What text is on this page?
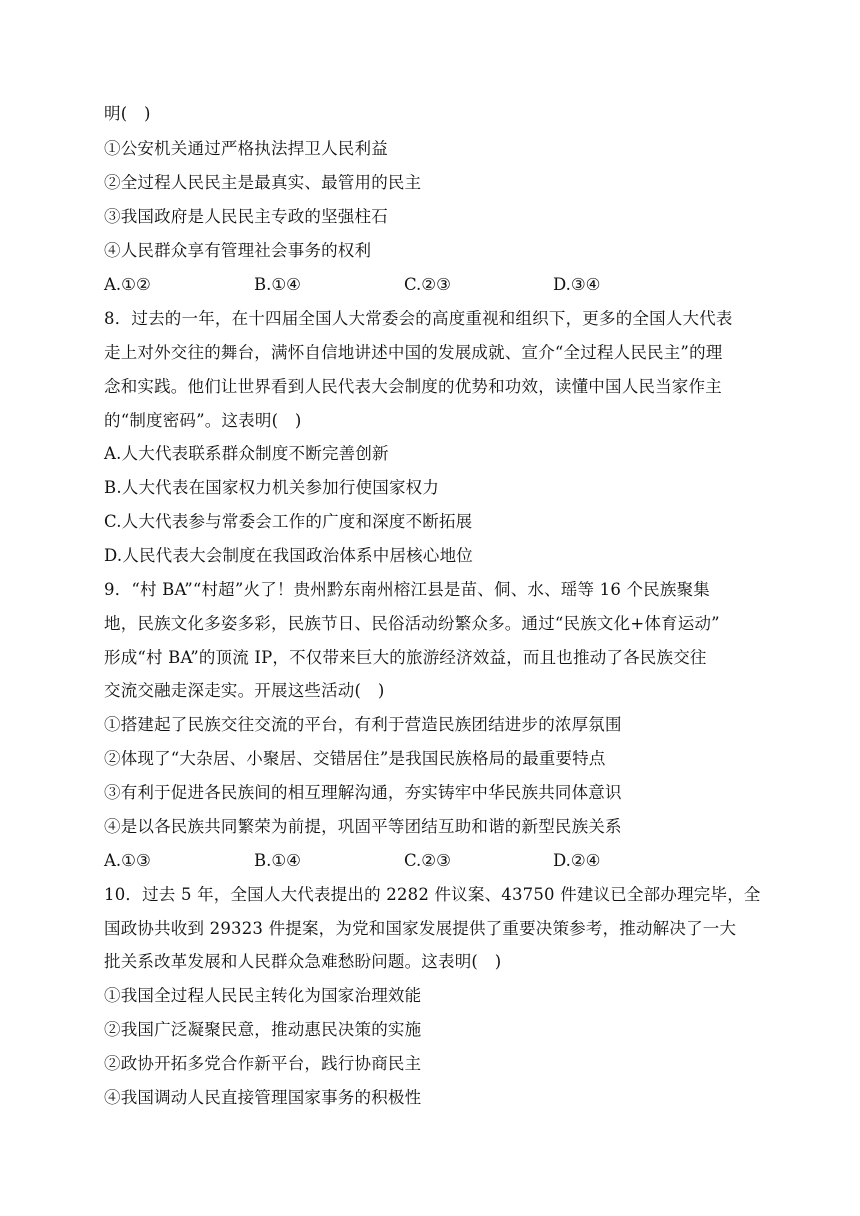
明(　)
①公安机关通过严格执法捍卫人民利益
②全过程人民民主是最真实、最管用的民主
③我国政府是人民民主专政的坚强柱石
④人民群众享有管理社会事务的权利
A.①②	B.①④	C.②③	D.③④
8．过去的一年，在十四届全国人大常委会的高度重视和组织下，更多的全国人大代表
走上对外交往的舞台，满怀自信地讲述中国的发展成就、宣介“全过程人民民主”的理
念和实践。他们让世界看到人民代表大会制度的优势和功效，读懂中国人民当家作主
的“制度密码”。这表明(　)
A.人大代表联系群众制度不断完善创新
B.人大代表在国家权力机关参加行使国家权力
C.人大代表参与常委会工作的广度和深度不断拓展
D.人民代表大会制度在我国政治体系中居核心地位
9．“村 BA”“村超”火了！贵州黔东南州榕江县是苗、侗、水、瑶等 16 个民族聚集
地，民族文化多姿多彩，民族节日、民俗活动纷繁众多。通过“民族文化+体育运动”
形成“村 BA”的顶流 IP，不仅带来巨大的旅游经济效益，而且也推动了各民族交往
交流交融走深走实。开展这些活动(　)
①搭建起了民族交往交流的平台，有利于营造民族团结进步的浓厚氛围
②体现了“大杂居、小聚居、交错居住”是我国民族格局的最重要特点
③有利于促进各民族间的相互理解沟通，夯实铸牢中华民族共同体意识
④是以各民族共同繁荣为前提，巩固平等团结互助和谐的新型民族关系
A.①③	B.①④	C.②③	D.②④
10．过去 5 年，全国人大代表提出的 2282 件议案、43750 件建议已全部办理完毕，全
国政协共收到 29323 件提案，为党和国家发展提供了重要决策参考，推动解决了一大
批关系改革发展和人民群众急难愁盼问题。这表明(　)
①我国全过程人民民主转化为国家治理效能
②我国广泛凝聚民意，推动惠民决策的实施
②政协开拓多党合作新平台，践行协商民主
④我国调动人民直接管理国家事务的积极性
